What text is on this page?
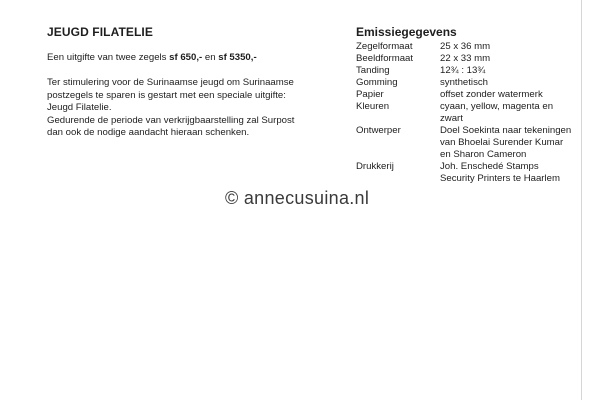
JEUGD FILATELIE

Een uitgifte van twee zegels sf 650,- en sf 5350,-

Ter stimulering voor de Surinaamse jeugd om Surinaamse

postzegels te sparen is gestart met een speciale uitgifte:

Jeugd Filatelie.

Gedurende de periode van verkrijgbaarstelling zal Surpost

dan ook de nodige aandacht hieraan schenken.

Emissiegegevens
Zegelformaat	25 x 36 mm
Beeldformaat	22 x 33 mm
Tanding	12¾ : 13¾
Gomming	synthetisch
Papier	offset zonder watermerk
Kleuren	cyaan, yellow, magenta en
zwart
Ontwerper	Doel Soekinta naar tekeningen
van Bhoelai Surender Kumar
en Sharon Cameron
Drukkerij	Joh. Enschedé Stamps
Security Printers te Haarlem
© annecusuina.nl
